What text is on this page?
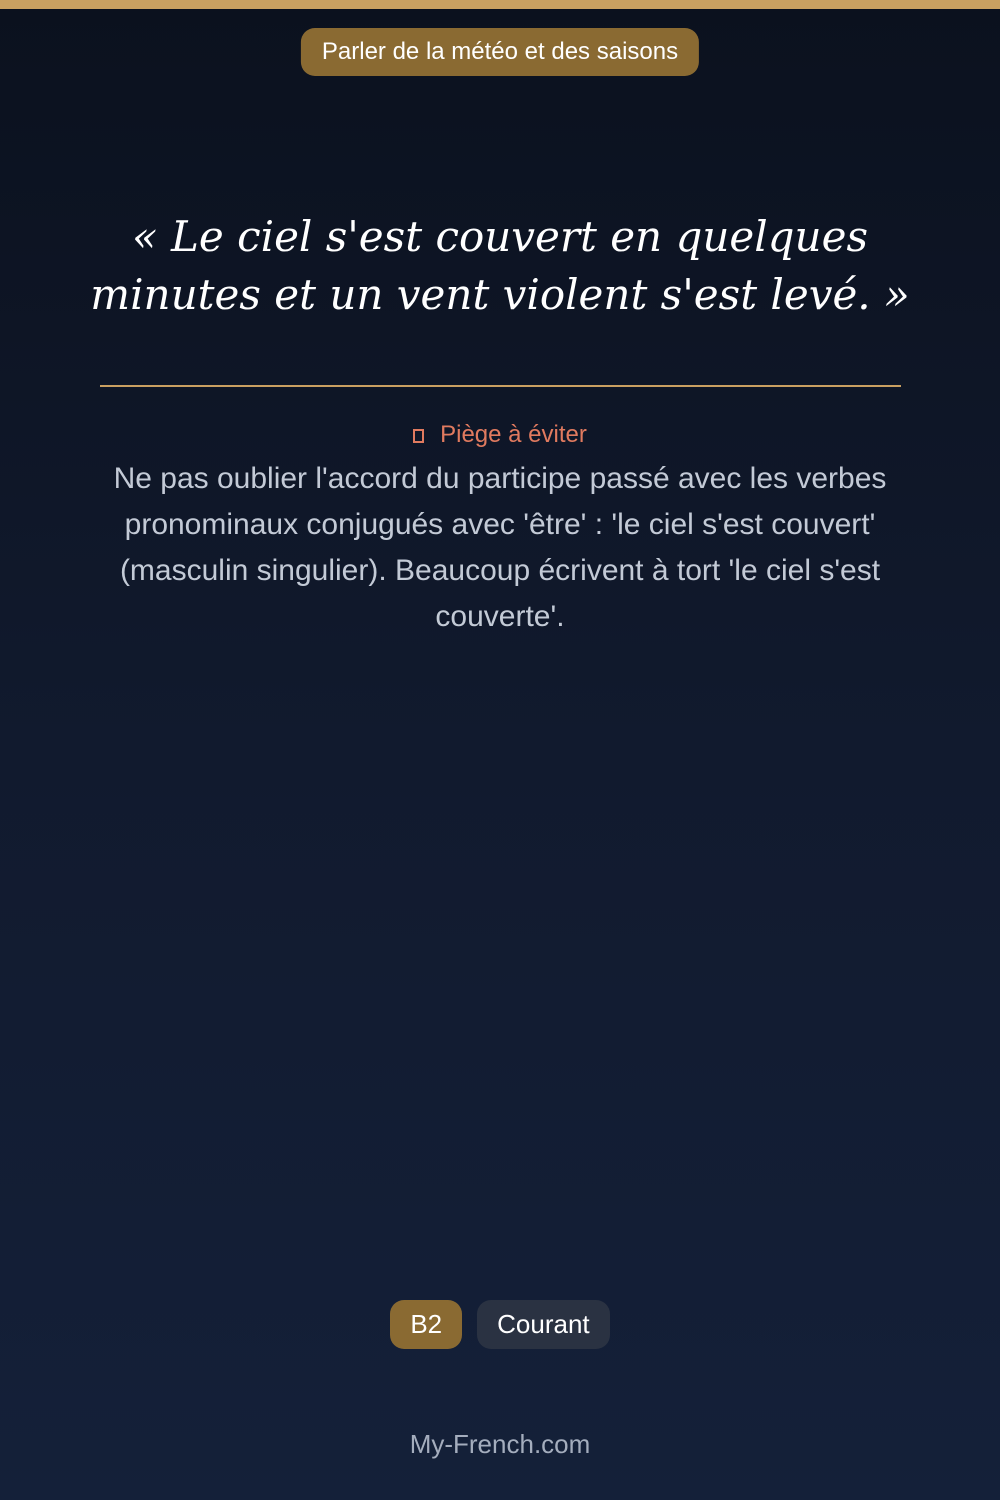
Parler de la météo et des saisons

« Le ciel s'est couvert en quelques minutes et un vent violent s'est levé. »

Piège à éviter

Ne pas oublier l'accord du participe passé avec les verbes pronominaux conjugués avec 'être' : 'le ciel s'est couvert' (masculin singulier). Beaucoup écrivent à tort 'le ciel s'est couverte'.

B2	Courant
My-French.com
